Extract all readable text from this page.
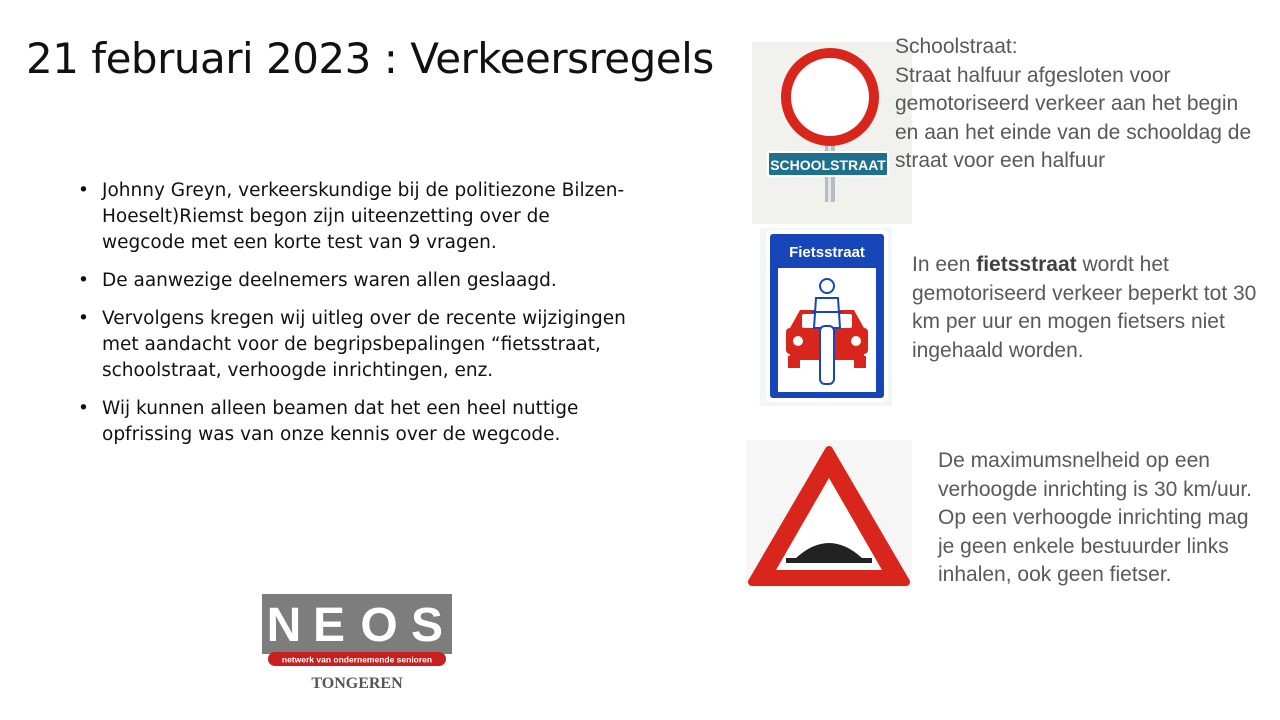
21 februari 2023 : Verkeersregels
• Johnny Greyn, verkeerskundige bij de politiezone Bilzen-Hoeselt)Riemst begon zijn uiteenzetting over de wegcode met een korte test van 9 vragen.
• De aanwezige deelnemers waren allen geslaagd.
• Vervolgens kregen wij uitleg over de recente wijzigingen met aandacht voor de begripsbepalingen “fietsstraat, schoolstraat, verhoogde inrichtingen, enz.
• Wij kunnen alleen beamen dat het een heel nuttige opfrissing was van onze kennis over de wegcode.
SCHOOLSTRAAT
Schoolstraat:
Straat halfuur afgesloten voor gemotoriseerd verkeer aan het begin en aan het einde van de schooldag de straat voor een halfuur
Fietsstraat
In een fietsstraat wordt het gemotoriseerd verkeer beperkt tot 30 km per uur en mogen fietsers niet ingehaald worden.
De maximumsnelheid op een verhoogde inrichting is 30 km/uur. Op een verhoogde inrichting mag je geen enkele bestuurder links inhalen, ook geen fietser.
N E O S
netwerk van ondernemende senioren
TONGEREN
